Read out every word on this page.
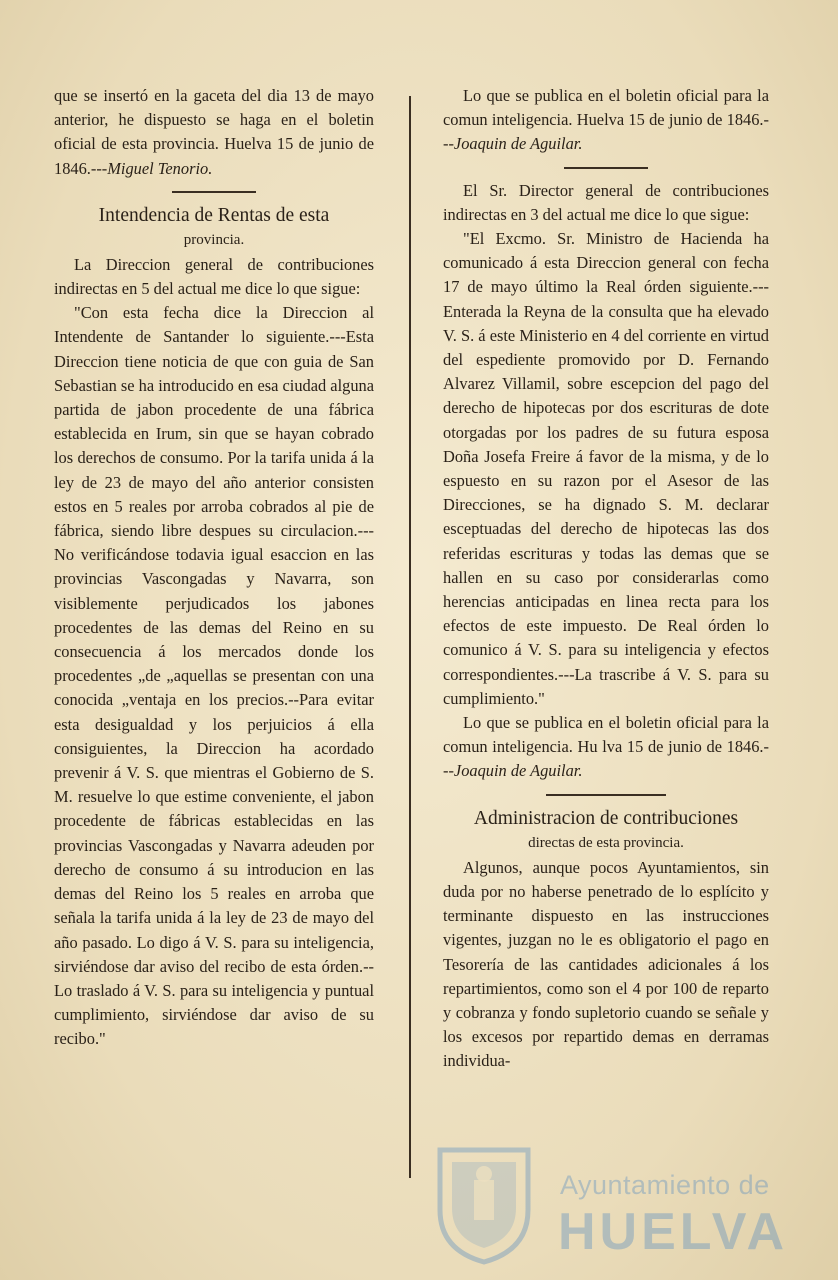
que se insertó en la gaceta del dia 13 de mayo anterior, he dispuesto se haga en el boletin oficial de esta provincia. Huelva 15 de junio de 1846.---Miguel Tenorio.

Intendencia de Rentas de esta

provincia.

La Direccion general de contribuciones indirectas en 5 del actual me dice lo que sigue:

"Con esta fecha dice la Direccion al Intendente de Santander lo siguiente.---Esta Direccion tiene noticia de que con guia de San Sebastian se ha introducido en esa ciudad alguna partida de jabon procedente de una fábrica establecida en Irum, sin que se hayan cobrado los derechos de consumo. Por la tarifa unida á la ley de 23 de mayo del año anterior consisten estos en 5 reales por arroba cobrados al pie de fábrica, siendo libre despues su circulacion.---No verificándose todavia igual esaccion en las provincias Vascongadas y Navarra, son visiblemente perjudicados los jabones procedentes de las demas del Reino en su consecuencia á los mercados donde los procedentes „de „aquellas se presentan con una conocida „ventaja en los precios.--Para evitar esta desigualdad y los perjuicios á ella consiguientes, la Direccion ha acordado prevenir á V. S. que mientras el Gobierno de S. M. resuelve lo que estime conveniente, el jabon procedente de fábricas establecidas en las provincias Vascongadas y Navarra adeuden por derecho de consumo á su introducion en las demas del Reino los 5 reales en arroba que señala la tarifa unida á la ley de 23 de mayo del año pasado. Lo digo á V. S. para su inteligencia, sirviéndose dar aviso del recibo de esta órden.--Lo traslado á V. S. para su inteligencia y puntual cumplimiento, sirviéndose dar aviso de su recibo."

Lo que se publica en el boletin oficial para la comun inteligencia. Huelva 15 de junio de 1846.---Joaquin de Aguilar.

El Sr. Director general de contribuciones indirectas en 3 del actual me dice lo que sigue:

"El Excmo. Sr. Ministro de Hacienda ha comunicado á esta Direccion general con fecha 17 de mayo último la Real órden siguiente.---Enterada la Reyna de la consulta que ha elevado V. S. á este Ministerio en 4 del corriente en virtud del espediente promovido por D. Fernando Alvarez Villamil, sobre escepcion del pago del derecho de hipotecas por dos escrituras de dote otorgadas por los padres de su futura esposa Doña Josefa Freire á favor de la misma, y de lo espuesto en su razon por el Asesor de las Direcciones, se ha dignado S. M. declarar esceptuadas del derecho de hipotecas las dos referidas escrituras y todas las demas que se hallen en su caso por considerarlas como herencias anticipadas en linea recta para los efectos de este impuesto. De Real órden lo comunico á V. S. para su inteligencia y efectos correspondientes.---La trascribe á V. S. para su cumplimiento."

Lo que se publica en el boletin oficial para la comun inteligencia. Hu lva 15 de junio de 1846.---Joaquin de Aguilar.

Administracion de contribuciones

directas de esta provincia.

Algunos, aunque pocos Ayuntamientos, sin duda por no haberse penetrado de lo esplícito y terminante dispuesto en las instrucciones vigentes, juzgan no le es obligatorio el pago en Tesorería de las cantidades adicionales á los repartimientos, como son el 4 por 100 de reparto y cobranza y fondo supletorio cuando se señale y los excesos por repartido demas en derramas individua-

Ayuntamiento de
HUELVA
